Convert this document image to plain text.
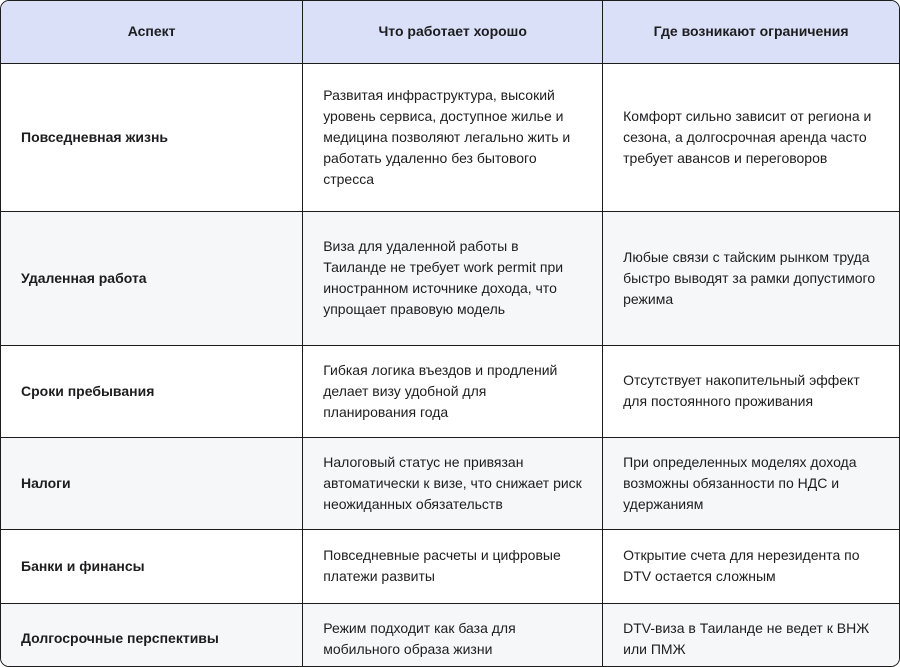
Аспект	Что работает хорошо	Где возникают ограничения
Повседневная жизнь	Развитая инфраструктура, высокий уровень сервиса, доступное жилье и медицина позволяют легально жить и работать удаленно без бытового стресса	Комфорт сильно зависит от региона и сезона, а долгосрочная аренда часто требует авансов и переговоров
Удаленная работа	Виза для удаленной работы в Таиланде не требует work permit при иностранном источнике дохода, что упрощает правовую модель	Любые связи с тайским рынком труда быстро выводят за рамки допустимого режима
Сроки пребывания	Гибкая логика въездов и продлений делает визу удобной для планирования года	Отсутствует накопительный эффект для постоянного проживания
Налоги	Налоговый статус не привязан автоматически к визе, что снижает риск неожиданных обязательств	При определенных моделях дохода возможны обязанности по НДС и удержаниям
Банки и финансы	Повседневные расчеты и цифровые платежи развиты	Открытие счета для нерезидента по DTV остается сложным
Долгосрочные перспективы	Режим подходит как база для мобильного образа жизни	DTV-виза в Таиланде не ведет к ВНЖ или ПМЖ
